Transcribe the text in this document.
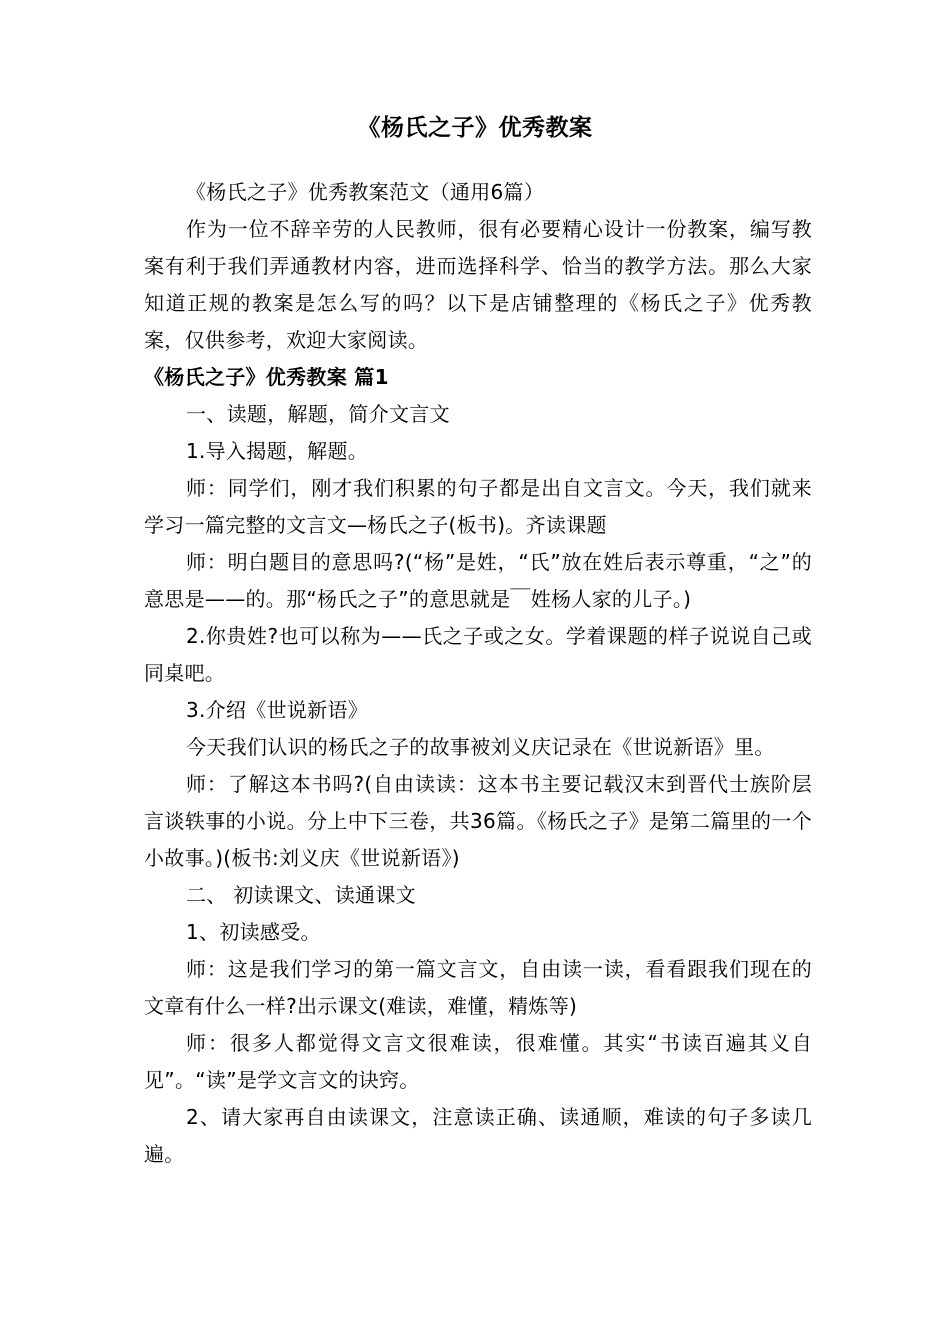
《杨氏之子》优秀教案

《杨氏之子》优秀教案范文（通用6篇）

作为一位不辞辛劳的人民教师，很有必要精心设计一份教案，编写教案有利于我们弄通教材内容，进而选择科学、恰当的教学方法。那么大家知道正规的教案是怎么写的吗？以下是店铺整理的《杨氏之子》优秀教案，仅供参考，欢迎大家阅读。

《杨氏之子》优秀教案 篇1

一、读题，解题，简介文言文

1.导入揭题，解题。

师：同学们，刚才我们积累的句子都是出自文言文。今天，我们就来学习一篇完整的文言文—杨氏之子(板书)。齐读课题

师：明白题目的意思吗?(“杨”是姓，“氏”放在姓后表示尊重，“之”的意思是——的。那“杨氏之子”的意思就是￣姓杨人家的儿子。)

2.你贵姓?也可以称为——氏之子或之女。学着课题的样子说说自己或同桌吧。

3.介绍《世说新语》

今天我们认识的杨氏之子的故事被刘义庆记录在《世说新语》里。

师：了解这本书吗?(自由读读：这本书主要记载汉末到晋代士族阶层言谈轶事的小说。分上中下三卷，共36篇。《杨氏之子》是第二篇里的一个小故事。)(板书:刘义庆《世说新语》)

二、 初读课文、读通课文

1、初读感受。

师：这是我们学习的第一篇文言文，自由读一读，看看跟我们现在的文章有什么一样?出示课文(难读，难懂，精炼等)

师：很多人都觉得文言文很难读，很难懂。其实“书读百遍其义自见”。“读”是学文言文的诀窍。

2、请大家再自由读课文，注意读正确、读通顺，难读的句子多读几遍。
